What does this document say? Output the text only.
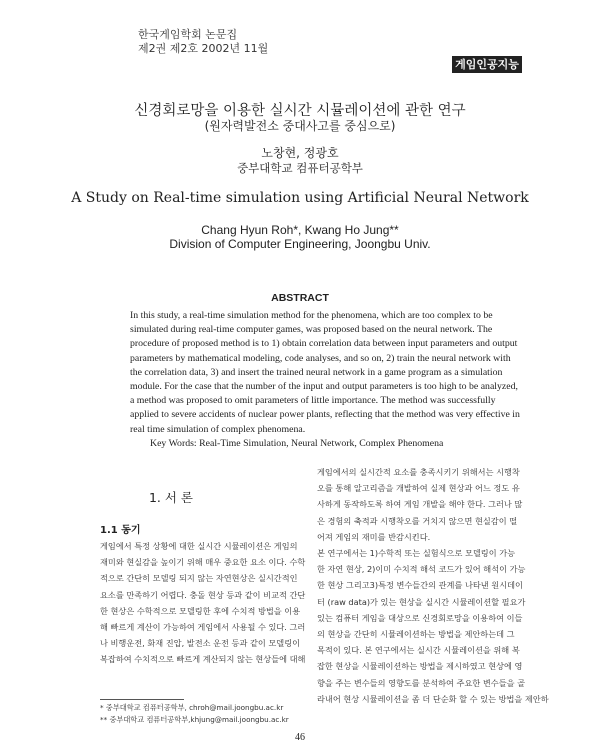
한국게임학회 논문집
제2권 제2호 2002년 11월
게임인공지능
신경회로망을 이용한 실시간 시뮬레이션에 관한 연구
(원자력발전소 중대사고를 중심으로)
노창현, 정광호
중부대학교 컴퓨터공학부
A Study on Real-time simulation using Artificial Neural Network
Chang Hyun Roh*, Kwang Ho Jung**
Division of Computer Engineering, Joongbu Univ.
ABSTRACT
In this study, a real-time simulation method for the phenomena, which are too complex to be
simulated during real-time computer games, was proposed based on the neural network. The
procedure of proposed method is to 1) obtain correlation data between input parameters and output
parameters by mathematical modeling, code analyses, and so on, 2) train the neural network with
the correlation data, 3) and insert the trained neural network in a game program as a simulation
module. For the case that the number of the input and output parameters is too high to be analyzed,
a method was proposed to omit parameters of little importance. The method was successfully
applied to severe accidents of nuclear power plants, reflecting that the method was very effective in
real time simulation of complex phenomena.
Key Words: Real-Time Simulation, Neural Network, Complex Phenomena
1. 서 론
1.1 동기
게임에서 특정 상황에 대한 실시간 시뮬레이션은 게임의
재미와 현실감을 높이기 위해 매우 중요한 요소 이다. 수학
적으로 간단히 모델링 되지 않는 자연현상은 실시간적인
요소를 만족하기 어렵다. 충돌 현상 등과 같이 비교적 간단
한 현상은 수학적으로 모델링한 후에 수치적 방법을 이용
해 빠르게 계산이 가능하여 게임에서 사용될 수 있다. 그러
나 비행운전, 화재 진압, 발전소 운전 등과 같이 모델링이
복잡하여 수치적으로 빠르게 계산되지 않는 현상들에 대해
게임에서의 실시간적 요소를 충족시키기 위해서는 시행착
오를 통해 알고리즘을 개발하여 실제 현상과 어느 정도 유
사하게 동작하도록 하여 게임 개발을 해야 한다. 그러나 많
은 경험의 축적과 시행착오를 거치지 않으면 현실감이 떨
어져 게임의 재미를 반감시킨다.
본 연구에서는 1)수학적 또는 실험식으로 모델링이 가능
한 자연 현상, 2)이미 수치적 해석 코드가 있어 해석이 가능
한 현상 그리고3)특정 변수들간의 관계를 나타낸 원시데이
터 (raw data)가 있는 현상을 실시간 시뮬레이션할 필요가
있는 컴퓨터 게임을 대상으로 신경회로망을 이용하여 이들
의 현상을 간단히 시뮬레이션하는 방법을 제안하는데 그
목적이 있다. 본 연구에서는 실시간 시뮬레이션을 위해 복
잡한 현상을 시뮬레이션하는 방법을 제시하였고 현상에 영
향을 주는 변수들의 영향도를 분석하여 주요한 변수들을 골
라내어 현상 시뮬레이션을 좀 더 단순화 할 수 있는 방법을 제안하
* 중부대학교 컴퓨터공학부, chroh@mail.joongbu.ac.kr
** 중부대학교 컴퓨터공학부,khjung@mail.joongbu.ac.kr
46
